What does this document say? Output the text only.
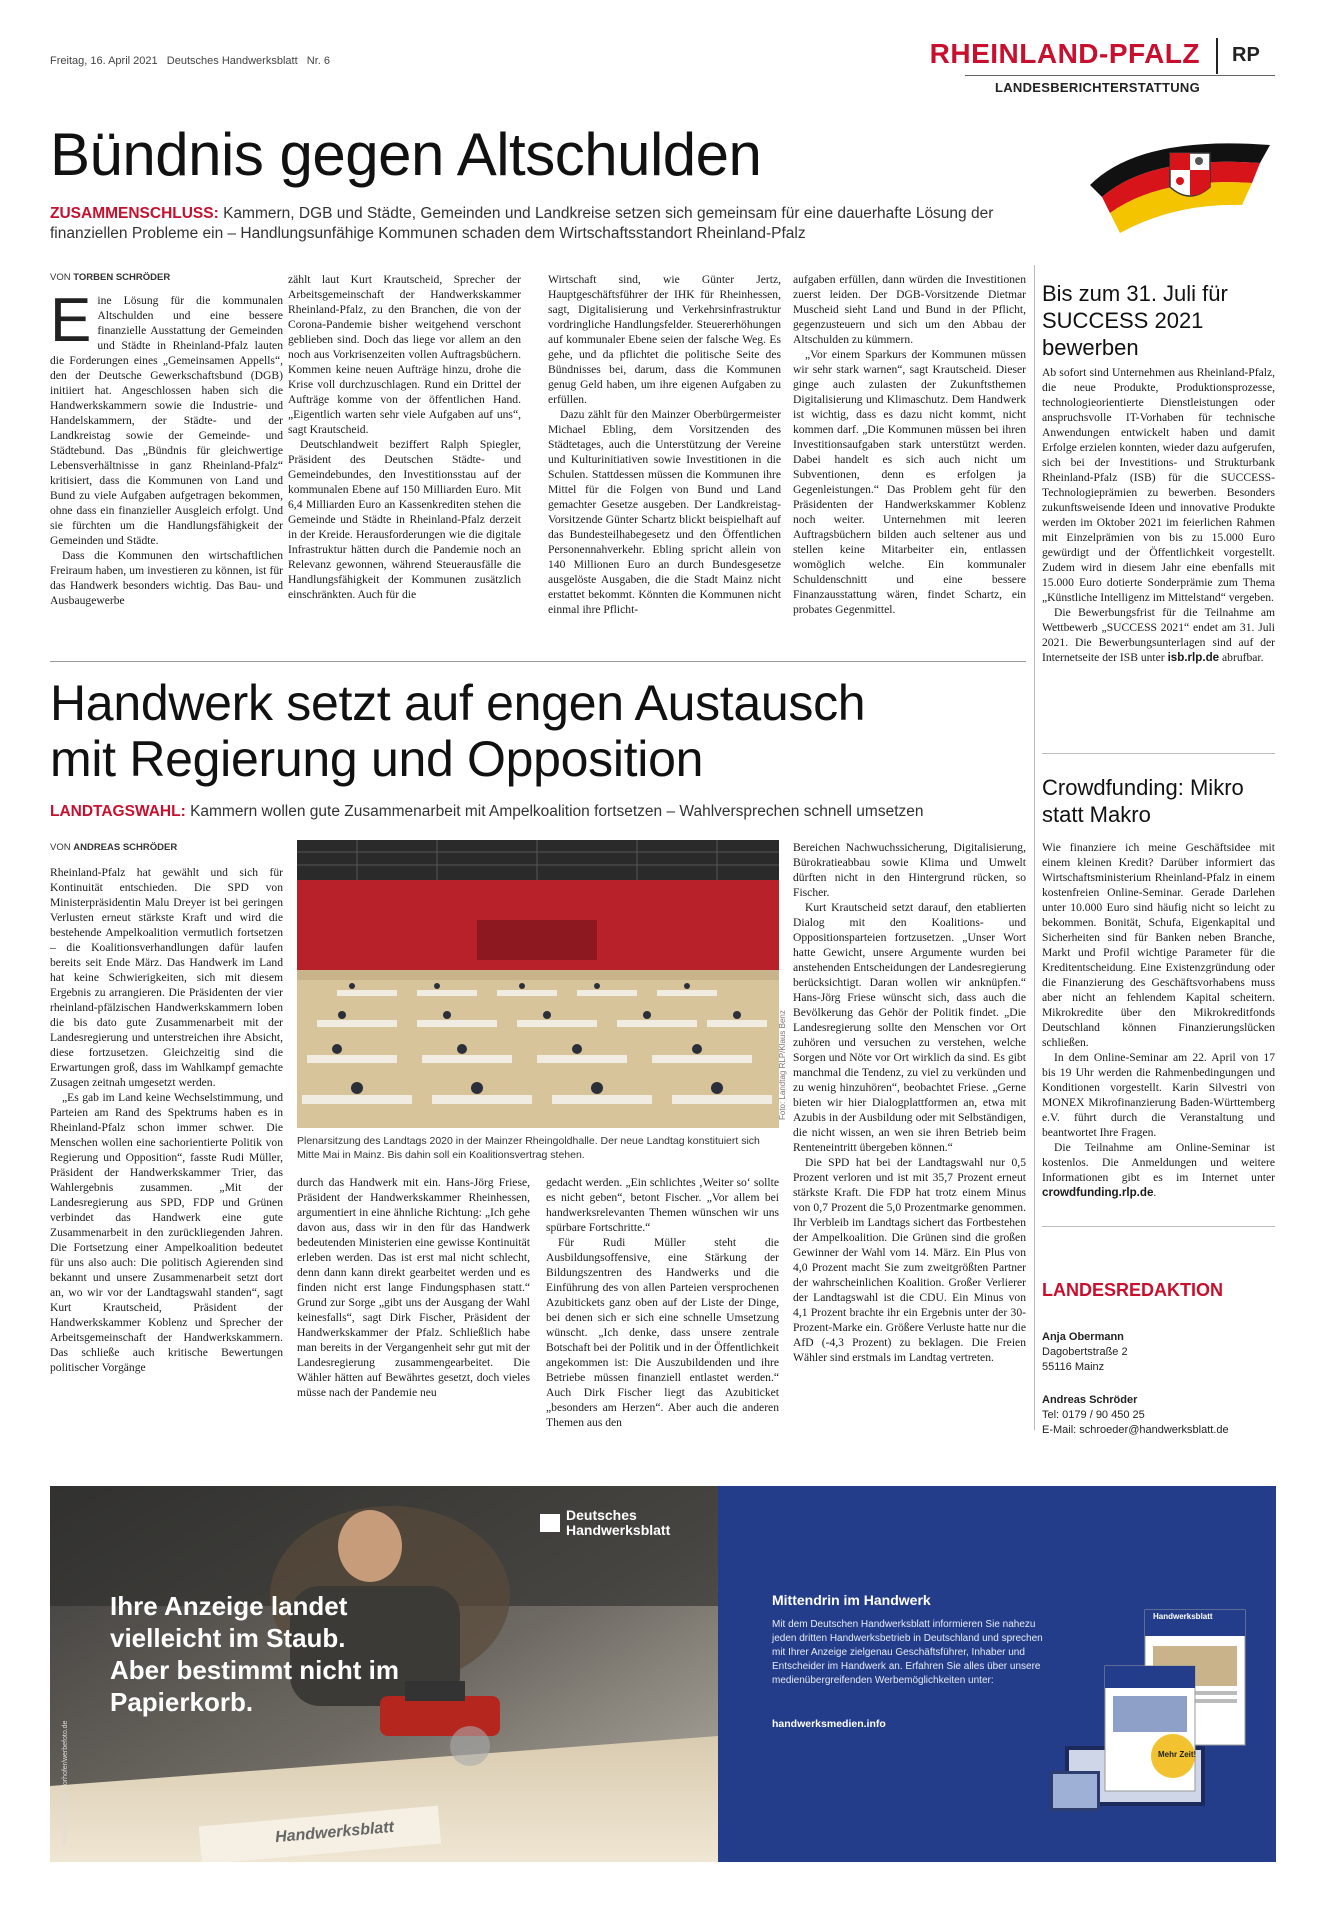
Freitag, 16. April 2021   Deutsches Handwerksblatt   Nr. 6	RHEINLAND-PFALZ RP
LANDESBERICHTERSTATTUNG
Bündnis gegen Altschulden
ZUSAMMENSCHLUSS: Kammern, DGB und Städte, Gemeinden und Landkreise setzen sich gemeinsam für eine dauerhafte Lösung der finanziellen Probleme ein – Handlungsunfähige Kommunen schaden dem Wirtschaftsstandort Rheinland-Pfalz
VON TORBEN SCHRÖDER

Eine Lösung für die kommunalen Altschulden und eine bessere finanzielle Ausstattung der Gemeinden und Städte in Rheinland-Pfalz lauten die Forderungen eines „Gemeinsamen Appells“, den der Deutsche Gewerkschaftsbund (DGB) initiiert hat. Angeschlossen haben sich die Handwerkskammern sowie die Industrie- und Handelskammern, der Städte- und der Landkreistag sowie der Gemeinde- und Städtebund. Das „Bündnis für gleichwertige Lebensverhältnisse in ganz Rheinland-Pfalz“ kritisiert, dass die Kommunen von Land und Bund zu viele Aufgaben aufgetragen bekommen, ohne dass ein finanzieller Ausgleich erfolgt. Und sie fürchten um die Handlungsfähigkeit der Gemeinden und Städte.

Dass die Kommunen den wirtschaftlichen Freiraum haben, um investieren zu können, ist für das Handwerk besonders wichtig. Das Bau- und Ausbaugewerbe

zählt laut Kurt Krautscheid, Sprecher der Arbeitsgemeinschaft der Handwerkskammer Rheinland-Pfalz, zu den Branchen, die von der Corona-Pandemie bisher weitgehend verschont geblieben sind. Doch das liege vor allem an den noch aus Vorkrisenzeiten vollen Auftragsbüchern. Kommen keine neuen Aufträge hinzu, drohe die Krise voll durchzuschlagen. Rund ein Drittel der Aufträge komme von der öffentlichen Hand. „Eigentlich warten sehr viele Aufgaben auf uns“, sagt Krautscheid.

Deutschlandweit beziffert Ralph Spiegler, Präsident des Deutschen Städte- und Gemeindebundes, den Investitionsstau auf der kommunalen Ebene auf 150 Milliarden Euro. Mit 6,4 Milliarden Euro an Kassenkrediten stehen die Gemeinde und Städte in Rheinland-Pfalz derzeit in der Kreide. Herausforderungen wie die digitale Infrastruktur hätten durch die Pandemie noch an Relevanz gewonnen, während Steuerausfälle die Handlungsfähigkeit der Kommunen zusätzlich einschränkten. Auch für die

Wirtschaft sind, wie Günter Jertz, Hauptgeschäftsführer der IHK für Rheinhessen, sagt, Digitalisierung und Verkehrsinfrastruktur vordringliche Handlungsfelder. Steuererhöhungen auf kommunaler Ebene seien der falsche Weg. Es gehe, und da pflichtet die politische Seite des Bündnisses bei, darum, dass die Kommunen genug Geld haben, um ihre eigenen Aufgaben zu erfüllen.

Dazu zählt für den Mainzer Oberbürgermeister Michael Ebling, dem Vorsitzenden des Städtetages, auch die Unterstützung der Vereine und Kulturinitiativen sowie Investitionen in die Schulen. Stattdessen müssen die Kommunen ihre Mittel für die Folgen von Bund und Land gemachter Gesetze ausgeben. Der Landkreistag-Vorsitzende Günter Schartz blickt beispielhaft auf das Bundesteilhabegesetz und den Öffentlichen Personennahverkehr. Ebling spricht allein von 140 Millionen Euro an durch Bundesgesetze ausgelöste Ausgaben, die die Stadt Mainz nicht erstattet bekommt. Könnten die Kommunen nicht einmal ihre Pflicht-

aufgaben erfüllen, dann würden die Investitionen zuerst leiden. Der DGB-Vorsitzende Dietmar Muscheid sieht Land und Bund in der Pflicht, gegenzusteuern und sich um den Abbau der Altschulden zu kümmern.

„Vor einem Sparkurs der Kommunen müssen wir sehr stark warnen“, sagt Krautscheid. Dieser ginge auch zulasten der Zukunftsthemen Digitalisierung und Klimaschutz. Dem Handwerk ist wichtig, dass es dazu nicht kommt, nicht kommen darf. „Die Kommunen müssen bei ihren Investitionsaufgaben stark unterstützt werden. Dabei handelt es sich auch nicht um Subventionen, denn es erfolgen ja Gegenleistungen.“ Das Problem geht für den Präsidenten der Handwerkskammer Koblenz noch weiter. Unternehmen mit leeren Auftragsbüchern bilden auch seltener aus und stellen keine Mitarbeiter ein, entlassen womöglich welche. Ein kommunaler Schuldenschnitt und eine bessere Finanzausstattung wären, findet Schartz, ein probates Gegenmittel.

Handwerk setzt auf engen Austausch
mit Regierung und Opposition
LANDTAGSWAHL: Kammern wollen gute Zusammenarbeit mit Ampelkoalition fortsetzen – Wahlversprechen schnell umsetzen
VON ANDREAS SCHRÖDER

Rheinland-Pfalz hat gewählt und sich für Kontinuität entschieden. Die SPD von Ministerpräsidentin Malu Dreyer ist bei geringen Verlusten erneut stärkste Kraft und wird die bestehende Ampelkoalition vermutlich fortsetzen – die Koalitionsverhandlungen dafür laufen bereits seit Ende März. Das Handwerk im Land hat keine Schwierigkeiten, sich mit diesem Ergebnis zu arrangieren. Die Präsidenten der vier rheinland-pfälzischen Handwerkskammern loben die bis dato gute Zusammenarbeit mit der Landesregierung und unterstreichen ihre Absicht, diese fortzusetzen. Gleichzeitig sind die Erwartungen groß, dass im Wahlkampf gemachte Zusagen zeitnah umgesetzt werden.

„Es gab im Land keine Wechselstimmung, und Parteien am Rand des Spektrums haben es in Rheinland-Pfalz schon immer schwer. Die Menschen wollen eine sachorientierte Politik von Regierung und Opposition“, fasste Rudi Müller, Präsident der Handwerkskammer Trier, das Wahlergebnis zusammen. „Mit der Landesregierung aus SPD, FDP und Grünen verbindet das Handwerk eine gute Zusammenarbeit in den zurückliegenden Jahren. Die Fortsetzung einer Ampelkoalition bedeutet für uns also auch: Die politisch Agierenden sind bekannt und unsere Zusammenarbeit setzt dort an, wo wir vor der Landtagswahl standen“, sagt Kurt Krautscheid, Präsident der Handwerkskammer Koblenz und Sprecher der Arbeitsgemeinschaft der Handwerkskammern. Das schließe auch kritische Bewertungen politischer Vorgänge

Foto: Landtag RLP/Klaus Benz
Plenarsitzung des Landtags 2020 in der Mainzer Rheingoldhalle. Der neue Landtag konstituiert sich Mitte Mai in Mainz. Bis dahin soll ein Koalitionsvertrag stehen.

durch das Handwerk mit ein. Hans-Jörg Friese, Präsident der Handwerkskammer Rheinhessen, argumentiert in eine ähnliche Richtung: „Ich gehe davon aus, dass wir in den für das Handwerk bedeutenden Ministerien eine gewisse Kontinuität erleben werden. Das ist erst mal nicht schlecht, denn dann kann direkt gearbeitet werden und es finden nicht erst lange Findungsphasen statt.“ Grund zur Sorge „gibt uns der Ausgang der Wahl keinesfalls“, sagt Dirk Fischer, Präsident der Handwerkskammer der Pfalz. Schließlich habe man bereits in der Vergangenheit sehr gut mit der Landesregierung zusammengearbeitet. Die Wähler hätten auf Bewährtes gesetzt, doch vieles müsse nach der Pandemie neu

gedacht werden. „Ein schlichtes ‚Weiter so‘ sollte es nicht geben“, betont Fischer. „Vor allem bei handwerksrelevanten Themen wünschen wir uns spürbare Fortschritte.“

Für Rudi Müller steht die Ausbildungsoffensive, eine Stärkung der Bildungszentren des Handwerks und die Einführung des von allen Parteien versprochenen Azubitickets ganz oben auf der Liste der Dinge, bei denen sich er sich eine schnelle Umsetzung wünscht. „Ich denke, dass unsere zentrale Botschaft bei der Politik und in der Öffentlichkeit angekommen ist: Die Auszubildenden und ihre Betriebe müssen finanziell entlastet werden.“ Auch Dirk Fischer liegt das Azubiticket „besonders am Herzen“. Aber auch die anderen Themen aus den

Bereichen Nachwuchssicherung, Digitalisierung, Bürokratieabbau sowie Klima und Umwelt dürften nicht in den Hintergrund rücken, so Fischer.

Kurt Krautscheid setzt darauf, den etablierten Dialog mit den Koalitions- und Oppositionsparteien fortzusetzen. „Unser Wort hatte Gewicht, unsere Argumente wurden bei anstehenden Entscheidungen der Landesregierung berücksichtigt. Daran wollen wir anknüpfen.“ Hans-Jörg Friese wünscht sich, dass auch die Bevölkerung das Gehör der Politik findet. „Die Landesregierung sollte den Menschen vor Ort zuhören und versuchen zu verstehen, welche Sorgen und Nöte vor Ort wirklich da sind. Es gibt manchmal die Tendenz, zu viel zu verkünden und zu wenig hinzuhören“, beobachtet Friese. „Gerne bieten wir hier Dialogplattformen an, etwa mit Azubis in der Ausbildung oder mit Selbständigen, die nicht wissen, an wen sie ihren Betrieb beim Renteneintritt übergeben können.“

Die SPD hat bei der Landtagswahl nur 0,5 Prozent verloren und ist mit 35,7 Prozent erneut stärkste Kraft. Die FDP hat trotz einem Minus von 0,7 Prozent die 5,0 Prozentmarke genommen. Ihr Verbleib im Landtags sichert das Fortbestehen der Ampelkoalition. Die Grünen sind die großen Gewinner der Wahl vom 14. März. Ein Plus von 4,0 Prozent macht Sie zum zweitgrößten Partner der wahrscheinlichen Koalition. Großer Verlierer der Landtagswahl ist die CDU. Ein Minus von 4,1 Prozent brachte ihr ein Ergebnis unter der 30-Prozent-Marke ein. Größere Verluste hatte nur die AfD (-4,3 Prozent) zu beklagen. Die Freien Wähler sind erstmals im Landtag vertreten.

Bis zum 31. Juli für SUCCESS 2021 bewerben

Ab sofort sind Unternehmen aus Rheinland-Pfalz, die neue Produkte, Produktionsprozesse, technologieorientierte Dienstleistungen oder anspruchsvolle IT-Vorhaben für technische Anwendungen entwickelt haben und damit Erfolge erzielen konnten, wieder dazu aufgerufen, sich bei der Investitions- und Strukturbank Rheinland-Pfalz (ISB) für die SUCCESS-Technologieprämien zu bewerben. Besonders zukunftsweisende Ideen und innovative Produkte werden im Oktober 2021 im feierlichen Rahmen mit Einzelprämien von bis zu 15.000 Euro gewürdigt und der Öffentlichkeit vorgestellt. Zudem wird in diesem Jahr eine ebenfalls mit 15.000 Euro dotierte Sonderprämie zum Thema „Künstliche Intelligenz im Mittelstand“ vergeben.

Die Bewerbungsfrist für die Teilnahme am Wettbewerb „SUCCESS 2021“ endet am 31. Juli 2021. Die Bewerbungsunterlagen sind auf der Internetseite der ISB unter isb.rlp.de abrufbar.

Crowdfunding: Mikro statt Makro

Wie finanziere ich meine Geschäftsidee mit einem kleinen Kredit? Darüber informiert das Wirtschaftsministerium Rheinland-Pfalz in einem kostenfreien Online-Seminar. Gerade Darlehen unter 10.000 Euro sind häufig nicht so leicht zu bekommen. Bonität, Schufa, Eigenkapital und Sicherheiten sind für Banken neben Branche, Markt und Profil wichtige Parameter für die Kreditentscheidung. Eine Existenzgründung oder die Finanzierung des Geschäftsvorhabens muss aber nicht an fehlendem Kapital scheitern. Mikrokredite über den Mikrokreditfonds Deutschland können Finanzierungslücken schließen.

In dem Online-Seminar am 22. April von 17 bis 19 Uhr werden die Rahmenbedingungen und Konditionen vorgestellt. Karin Silvestri von MONEX Mikrofinanzierung Baden-Württemberg e.V. führt durch die Veranstaltung und beantwortet Ihre Fragen.

Die Teilnahme am Online-Seminar ist kostenlos. Die Anmeldungen und weitere Informationen gibt es im Internet unter crowdfunding.rlp.de.

LANDESREDAKTION
Anja Obermann
Dagobertstraße 2
55116 Mainz
Andreas Schröder
Tel: 0179 / 90 450 25
E-Mail: schroeder@handwerksblatt.de
Ihre Anzeige landet
vielleicht im Staub.
Aber bestimmt nicht im
Papierkorb.
Foto: © Christian Vorhofer/werbefoto.de	Handwerksblatt
Deutsches
Handwerksblatt
Mittendrin im Handwerk
Mit dem Deutschen Handwerksblatt informieren Sie nahezu jeden dritten Handwerksbetrieb in Deutschland und sprechen mit Ihrer Anzeige zielgenau Geschäftsführer, Inhaber und Entscheider im Handwerk an. Erfahren Sie alles über unsere medienübergreifenden Werbemöglichkeiten unter:
handwerksmedien.info
Handwerksblatt
Mehr Zeit!
